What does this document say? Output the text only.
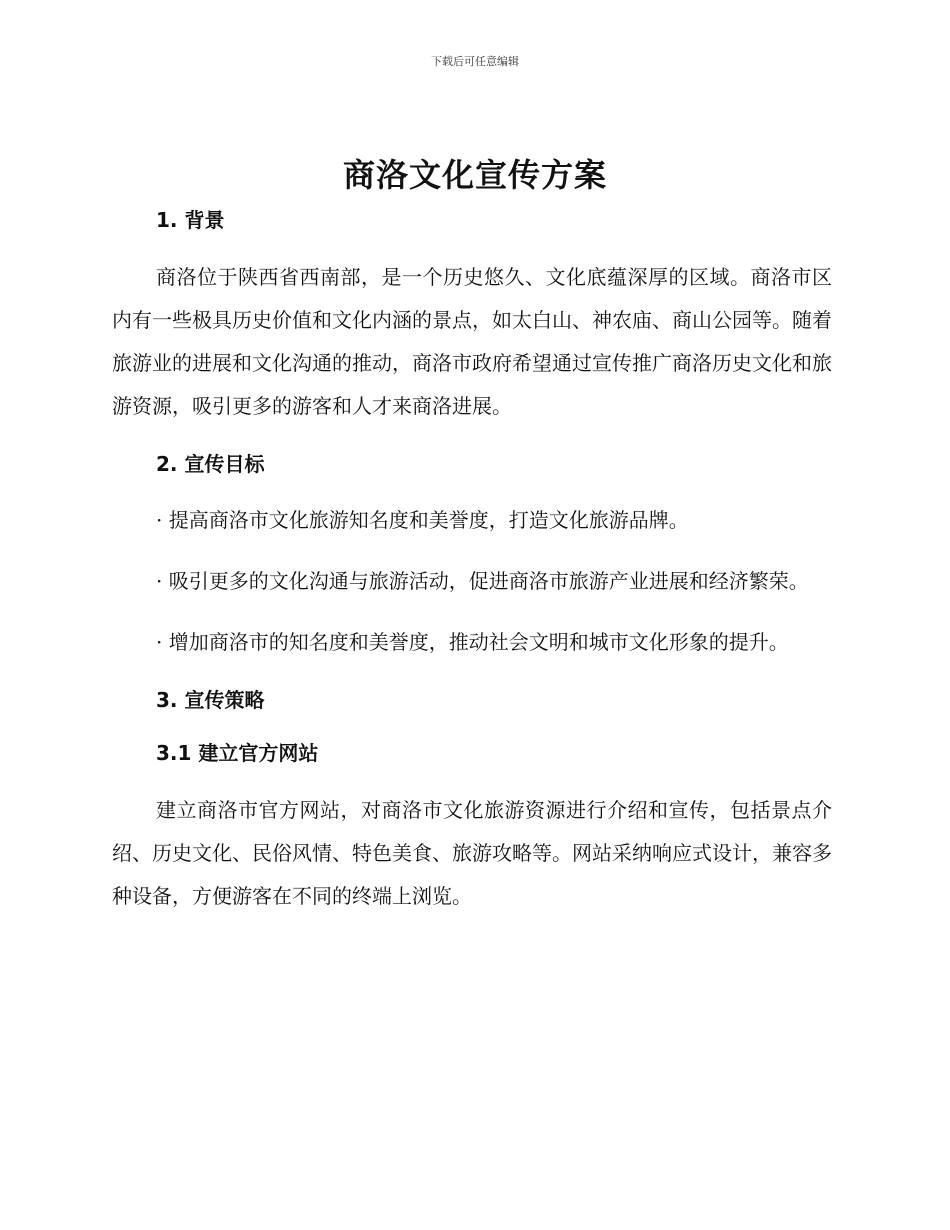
下载后可任意编辑
商洛文化宣传方案
1. 背景

商洛位于陕西省西南部，是一个历史悠久、文化底蕴深厚的区域。商洛市区内有一些极具历史价值和文化内涵的景点，如太白山、神农庙、商山公园等。随着旅游业的进展和文化沟通的推动，商洛市政府希望通过宣传推广商洛历史文化和旅游资源，吸引更多的游客和人才来商洛进展。

2. 宣传目标

· 提高商洛市文化旅游知名度和美誉度，打造文化旅游品牌。

· 吸引更多的文化沟通与旅游活动，促进商洛市旅游产业进展和经济繁荣。

· 增加商洛市的知名度和美誉度，推动社会文明和城市文化形象的提升。

3. 宣传策略
3.1 建立官方网站

建立商洛市官方网站，对商洛市文化旅游资源进行介绍和宣传，包括景点介绍、历史文化、民俗风情、特色美食、旅游攻略等。网站采纳响应式设计，兼容多种设备，方便游客在不同的终端上浏览。
